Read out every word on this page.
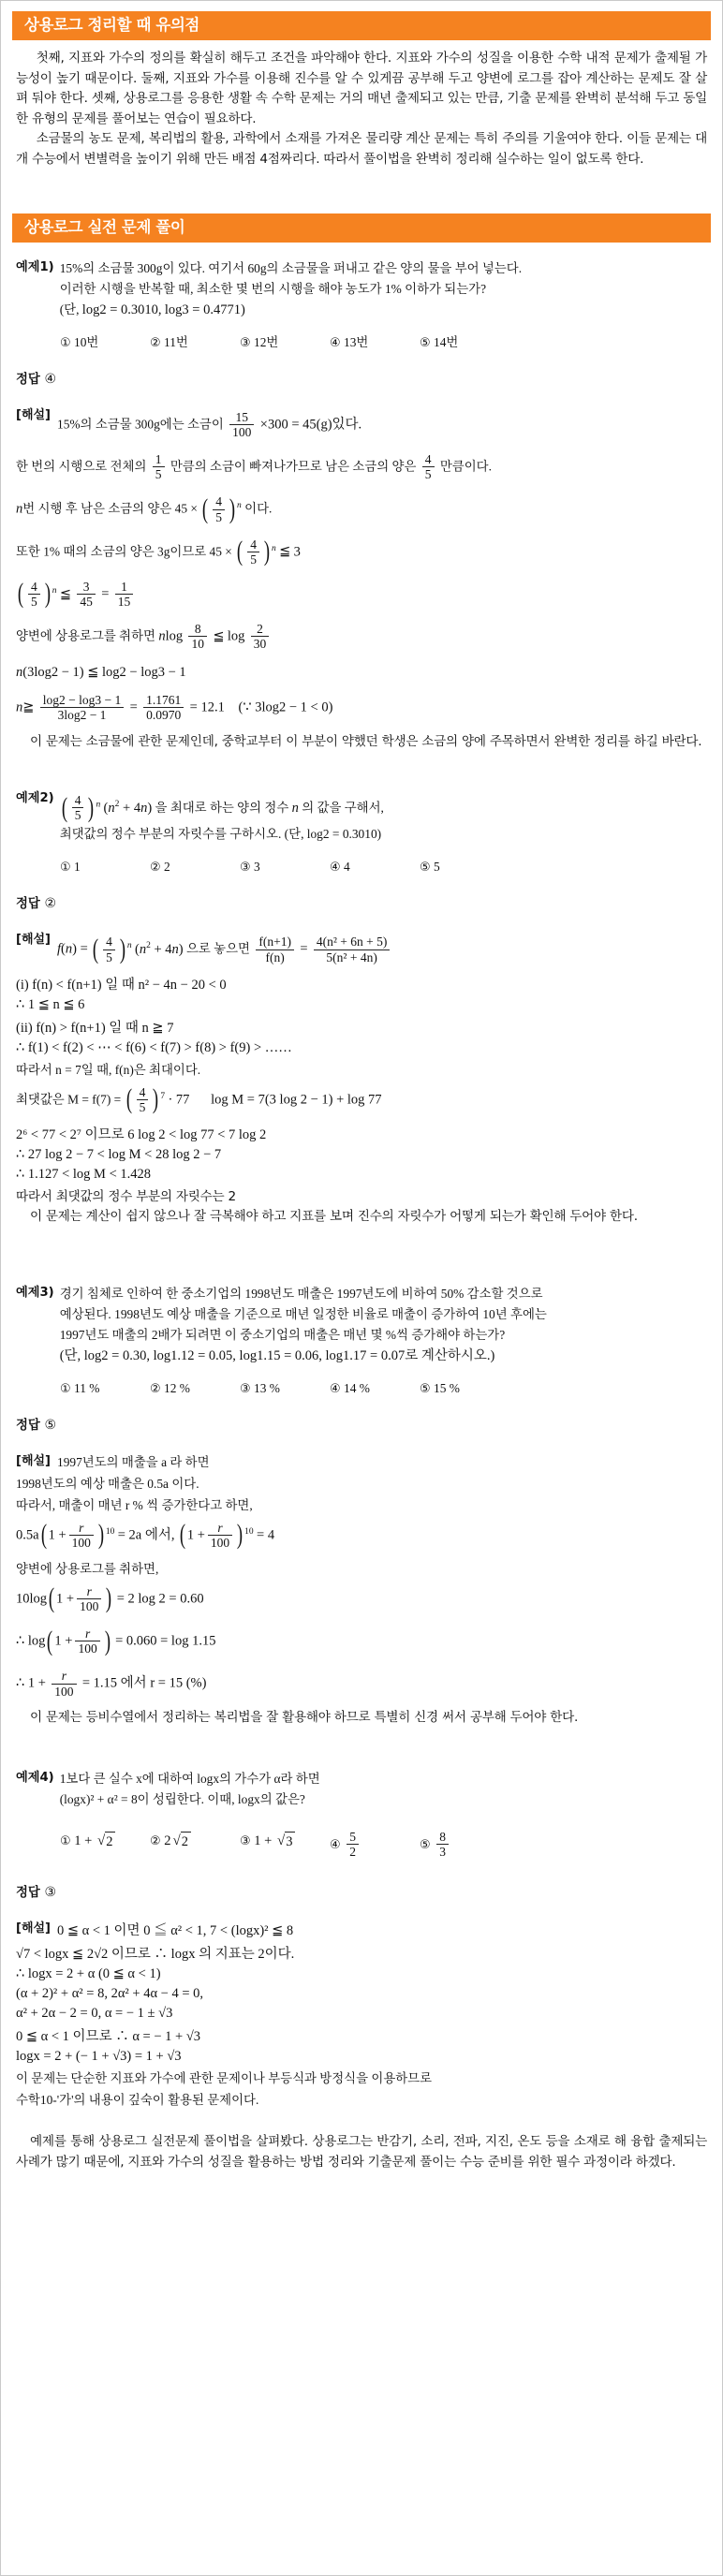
상용로그 정리할 때 유의점

첫째, 지표와 가수의 정의를 확실히 해두고 조건을 파악해야 한다. 지표와 가수의 성질을 이용한 수학 내적 문제가 출제될 가능성이 높기 때문이다. 둘째, 지표와 가수를 이용해 진수를 알 수 있게끔 공부해 두고 양변에 로그를 잡아 계산하는 문제도 잘 살펴 둬야 한다. 셋째, 상용로그를 응용한 생활 속 수학 문제는 거의 매년 출제되고 있는 만큼, 기출 문제를 완벽히 분석해 두고 동일한 유형의 문제를 풀어보는 연습이 필요하다.

소금물의 농도 문제, 복리법의 활용, 과학에서 소재를 가져온 물리량 계산 문제는 특히 주의를 기울여야 한다. 이들 문제는 대개 수능에서 변별력을 높이기 위해 만든 배점 4점짜리다. 따라서 풀이법을 완벽히 정리해 실수하는 일이 없도록 한다.

상용로그 실전 문제 풀이
예제1) 15%의 소금물 300g이 있다. 여기서 60g의 소금물을 퍼내고 같은 양의 물을 부어 넣는다.
이러한 시행을 반복할 때, 최소한 몇 번의 시행을 해야 농도가 1% 이하가 되는가?
(단, log2 = 0.3010, log3 = 0.4771)
① 10번	② 11번	③ 12번	④ 13번	⑤ 14번
정답 ④
[해설]
15%의 소금물 300g에는 소금이 $\frac{15}{100} \times 300 = 45(g)$있다.
한 번의 시행으로 전체의 $\frac{1}{5}$ 만큼의 소금이 빠져나가므로 남은 소금의 양은 $\frac{4}{5}$ 만큼이다.
n번 시행 후 남은 소금의 양은 45 × ( $\frac{4}{5}$ ) $^n$ 이다.
또한 1% 때의 소금의 양은 3g이므로 45 × ( $\frac{4}{5}$ ) $^n$ ≦ 3
( $\frac{4}{5}$ ) $^n$ ≦ $\frac{3}{45} = \frac{1}{15}$
양변에 상용로그를 취하면 nlog $\frac{8}{10}$ ≦ $\log \frac{2}{30}$
n(3log2 − 1) ≦ log2 − log3 − 1
n≧ $\frac{\log 2 - \log 3 - 1}{3\log 2 - 1} = \frac{1.1761}{0.0970} = 12.1$ (∵ 3log2 − 1 < 0)

이 문제는 소금물에 관한 문제인데, 중학교부터 이 부분이 약했던 학생은 소금의 양에 주목하면서 완벽한 정리를 하길 바란다.

예제2) ( $\frac{4}{5}$ ) $^n$ $(n^2 + 4n)$ 을 최대로 하는 양의 정수 n 의 값을 구해서,
최댓값의 정수 부분의 자릿수를 구하시오. (단, log2 = 0.3010)
① 1	② 2	③ 3	④ 4	⑤ 5
정답 ②
[해설]
f(n) = ( $\frac{4}{5}$ ) $^n$ $(n^2 + 4n)$ 으로 놓으면 $\frac{f(n+1)}{f(n)} = \frac{\text{4(n² + 6n + 5)}}{\text{5(n² + 4n)}}$
(i) f(n) < f(n+1) 일 때 n² − 4n − 20 < 0
∴ 1 ≦ n ≦ 6
(ii) f(n) > f(n+1) 일 때 n ≧ 7
∴ f(1) < f(2) < ⋯ < f(6) < f(7) > f(8) > f(9) > ……
따라서 n = 7일 때, f(n)은 최대이다.
최댓값은 M = f(7) = ( $\frac{4}{5}$ ) $^7$ · 77 log M = 7(3 log 2 − 1) + log 77
2⁶ < 77 < 2⁷ 이므로 6 log 2 < log 77 < 7 log 2
∴ 27 log 2 − 7 < log M < 28 log 2 − 7
∴ 1.127 < log M < 1.428
따라서 최댓값의 정수 부분의 자릿수는 2

이 문제는 계산이 쉽지 않으나 잘 극복해야 하고 지표를 보며 진수의 자릿수가 어떻게 되는가 확인해 두어야 한다.

예제3) 경기 침체로 인하여 한 중소기업의 1998년도 매출은 1997년도에 비하여 50% 감소할 것으로
예상된다. 1998년도 예상 매출을 기준으로 매년 일정한 비율로 매출이 증가하여 10년 후에는
1997년도 매출의 2배가 되려면 이 중소기업의 매출은 매년 몇 %씩 증가해야 하는가?
(단, log2 = 0.30, log1.12 = 0.05, log1.15 = 0.06, log1.17 = 0.07로 계산하시오.)
① 11 %	② 12 %	③ 13 %	④ 14 %	⑤ 15 %
정답 ⑤
[해설] 1997년도의 매출을 a 라 하면
1998년도의 예상 매출은 0.5a 이다.
따라서, 매출이 매년 r % 씩 증가한다고 하면,
0.5a( $1 + \frac{r}{100}$ ) $^{10}$ = 2a 에서, ( $1 + \frac{r}{100}$ ) $^{10}$ = 4
양변에 상용로그를 취하면,
10log( $1 + \frac{r}{100}$ ) = 2 log 2 = 0.60
∴ log( $1 + \frac{r}{100}$ ) = 0.060 = log 1.15
∴ $1 + \frac{r}{100} = 1.15$ 에서 r = 15 (%)

이 문제는 등비수열에서 정리하는 복리법을 잘 활용해야 하므로 특별히 신경 써서 공부해 두어야 한다.

예제4) 1보다 큰 실수 x에 대하여 logx의 가수가 α라 하면
(logx)² + α² = 8이 성립한다. 이때, logx의 값은?
① 1 + √2	② 2 √2	③ 1 + √3	④ $\frac{5}{2}$	⑤ $\frac{8}{3}$
정답 ③
[해설] 0 ≦ α < 1 이면 0 ≦ α² < 1, 7 < (logx)² ≦ 8
√7 < logx ≦ 2√2 이므로 ∴ logx 의 지표는 2이다.
∴ logx = 2 + α (0 ≦ α < 1)
(α + 2)² + α² = 8, 2α² + 4α − 4 = 0,
α² + 2α − 2 = 0, α = − 1 ± √3
0 ≦ α < 1 이므로 ∴ α = − 1 + √3
logx = 2 + (− 1 + √3) = 1 + √3
이 문제는 단순한 지표와 가수에 관한 문제이나 부등식과 방정식을 이용하므로
수학10-'가'의 내용이 깊숙이 활용된 문제이다.

예제를 통해 상용로그 실전문제 풀이법을 살펴봤다. 상용로그는 반감기, 소리, 전파, 지진, 온도 등을 소재로 해 융합 출제되는 사례가 많기 때문에, 지표와 가수의 성질을 활용하는 방법 정리와 기출문제 풀이는 수능 준비를 위한 필수 과정이라 하겠다.
